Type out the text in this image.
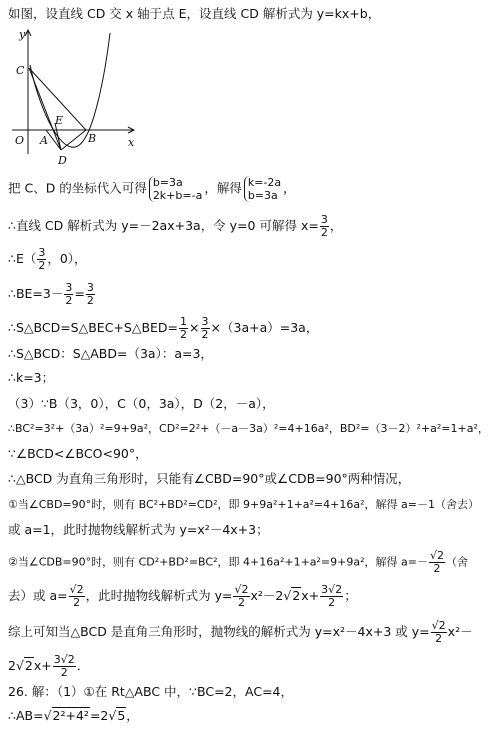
y
x
C
E
B
O A
D
如图，设直线 CD 交 x 轴于点 E，设直线 CD 解析式为 y=kx+b，
把 C、D 的坐标代入可得 b=3a
2k+b=-a ，解得 k=-2a
b=3a ，
∴直线 CD 解析式为 y=－2ax+3a，令 y=0 可解得 $x= \frac{3}{2}$ ，
∴E（ $\frac{3}{2}$ ，0），
∴BE=3－ $\frac{3}{2} = \frac{3}{2}$
∴S△BCD=S△BEC+S△BED= $\frac{1}{2} \times \frac{3}{2} \times(3a+a)=3a$，
∴S△BCD：S△ABD=（3a）：a=3，
∴k=3；
（3）∵B（3，0），C（0，3a），D（2，－a），
∴BC²=3²+（3a）²=9+9a²，CD²=2²+（－a－3a）²=4+16a²，BD²=（3－2）²+a²=1+a²，
∵∠BCD<∠BCO<90°，
∴△BCD 为直角三角形时，只能有∠CBD=90°或∠CDB=90°两种情况，
①当∠CBD=90°时，则有 BC²+BD²=CD²，即 9+9a²+1+a²=4+16a²，解得 a=－1（舍去）
或 a=1，此时抛物线解析式为 y=x²－4x+3；
②当∠CDB=90°时，则有 CD²+BD²=BC²，即 4+16a²+1+a²=9+9a²，解得 $a=- \frac{√2}{2}$ （舍
去）或 $a= \frac{√2}{2}$ ，此时抛物线解析式为 $y= \frac{√2}{2} x^2-2√2x+ \frac{3√2}{2}$ ；
综上可知当△BCD 是直角三角形时，抛物线的解析式为 y=x²－4x+3 或 $y= \frac{√2}{2} x^2-$
$2√2x+ \frac{3√2}{2}$ ．
26. 解：（1）①在 Rt△ABC 中，∵BC=2，AC=4，
∴AB=√2²+4²=2√5，
